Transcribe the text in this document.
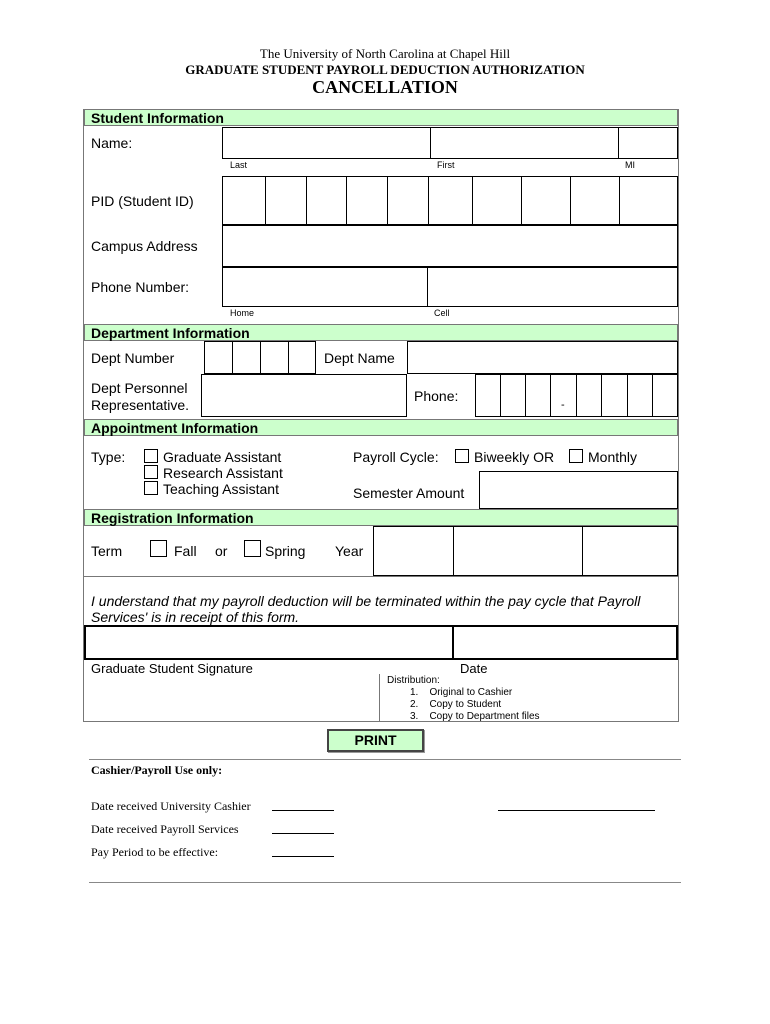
The University of North Carolina at Chapel Hill
GRADUATE STUDENT PAYROLL DEDUCTION AUTHORIZATION
CANCELLATION
Student Information
Name:
Last	First	MI
PID (Student ID)
Campus Address
Phone Number:
Home	Cell
Department Information
Dept Number	Dept Name
Dept Personnel
Representative.
Phone:
-
Appointment Information
Type:	Graduate Assistant
Research Assistant
Teaching Assistant
Payroll Cycle:	Biweekly OR Monthly
Semester Amount
Registration Information
Term	Fall or	Spring Year
I understand that my payroll deduction will be terminated within the pay cycle that Payroll Services' is in receipt of this form.
Graduate Student Signature	Date
Distribution:
1.    Original to Cashier
2.    Copy to Student
3.    Copy to Department files
PRINT
Cashier/Payroll Use only:
Date received University Cashier
Date received Payroll Services
Pay Period to be effective:
